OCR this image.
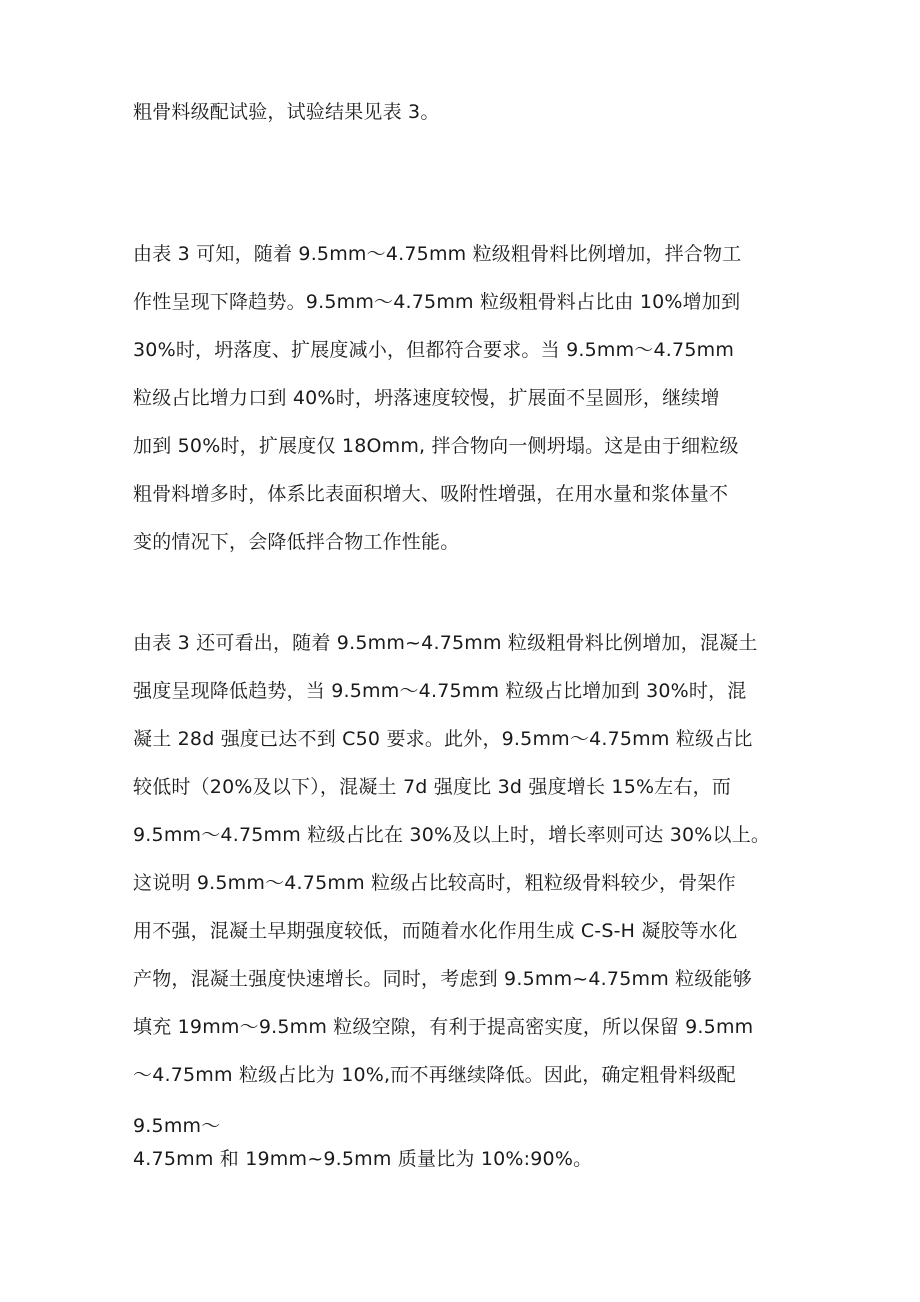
粗骨料级配试验，试验结果见表 3。
由表 3 可知，随着 9.5mm～4.75mm 粒级粗骨料比例增加，拌合物工
作性呈现下降趋势。9.5mm～4.75mm 粒级粗骨料占比由 10%增加到
30%时，坍落度、扩展度减小，但都符合要求。当 9.5mm～4.75mm
粒级占比增力口到 40%时，坍落速度较慢，扩展面不呈圆形，继续增
加到 50%时，扩展度仅 18Omm, 拌合物向一侧坍塌。这是由于细粒级
粗骨料增多时，体系比表面积增大、吸附性增强，在用水量和浆体量不
变的情况下，会降低拌合物工作性能。
由表 3 还可看出，随着 9.5mm~4.75mm 粒级粗骨料比例增加，混凝土
强度呈现降低趋势，当 9.5mm～4.75mm 粒级占比增加到 30%时，混
凝土 28d 强度已达不到 C50 要求。此外，9.5mm～4.75mm 粒级占比
较低时（20%及以下），混凝土 7d 强度比 3d 强度增长 15%左右，而
9.5mm～4.75mm 粒级占比在 30%及以上时，增长率则可达 30%以上。
这说明 9.5mm～4.75mm 粒级占比较高时，粗粒级骨料较少，骨架作
用不强，混凝土早期强度较低，而随着水化作用生成 C-S-H 凝胶等水化
产物，混凝土强度快速增长。同时，考虑到 9.5mm~4.75mm 粒级能够
填充 19mm～9.5mm 粒级空隙，有利于提高密实度，所以保留 9.5mm
～4.75mm 粒级占比为 10%,而不再继续降低。因此，确定粗骨料级配
9.5mm～
4.75mm 和 19mm~9.5mm 质量比为 10%:90%。
